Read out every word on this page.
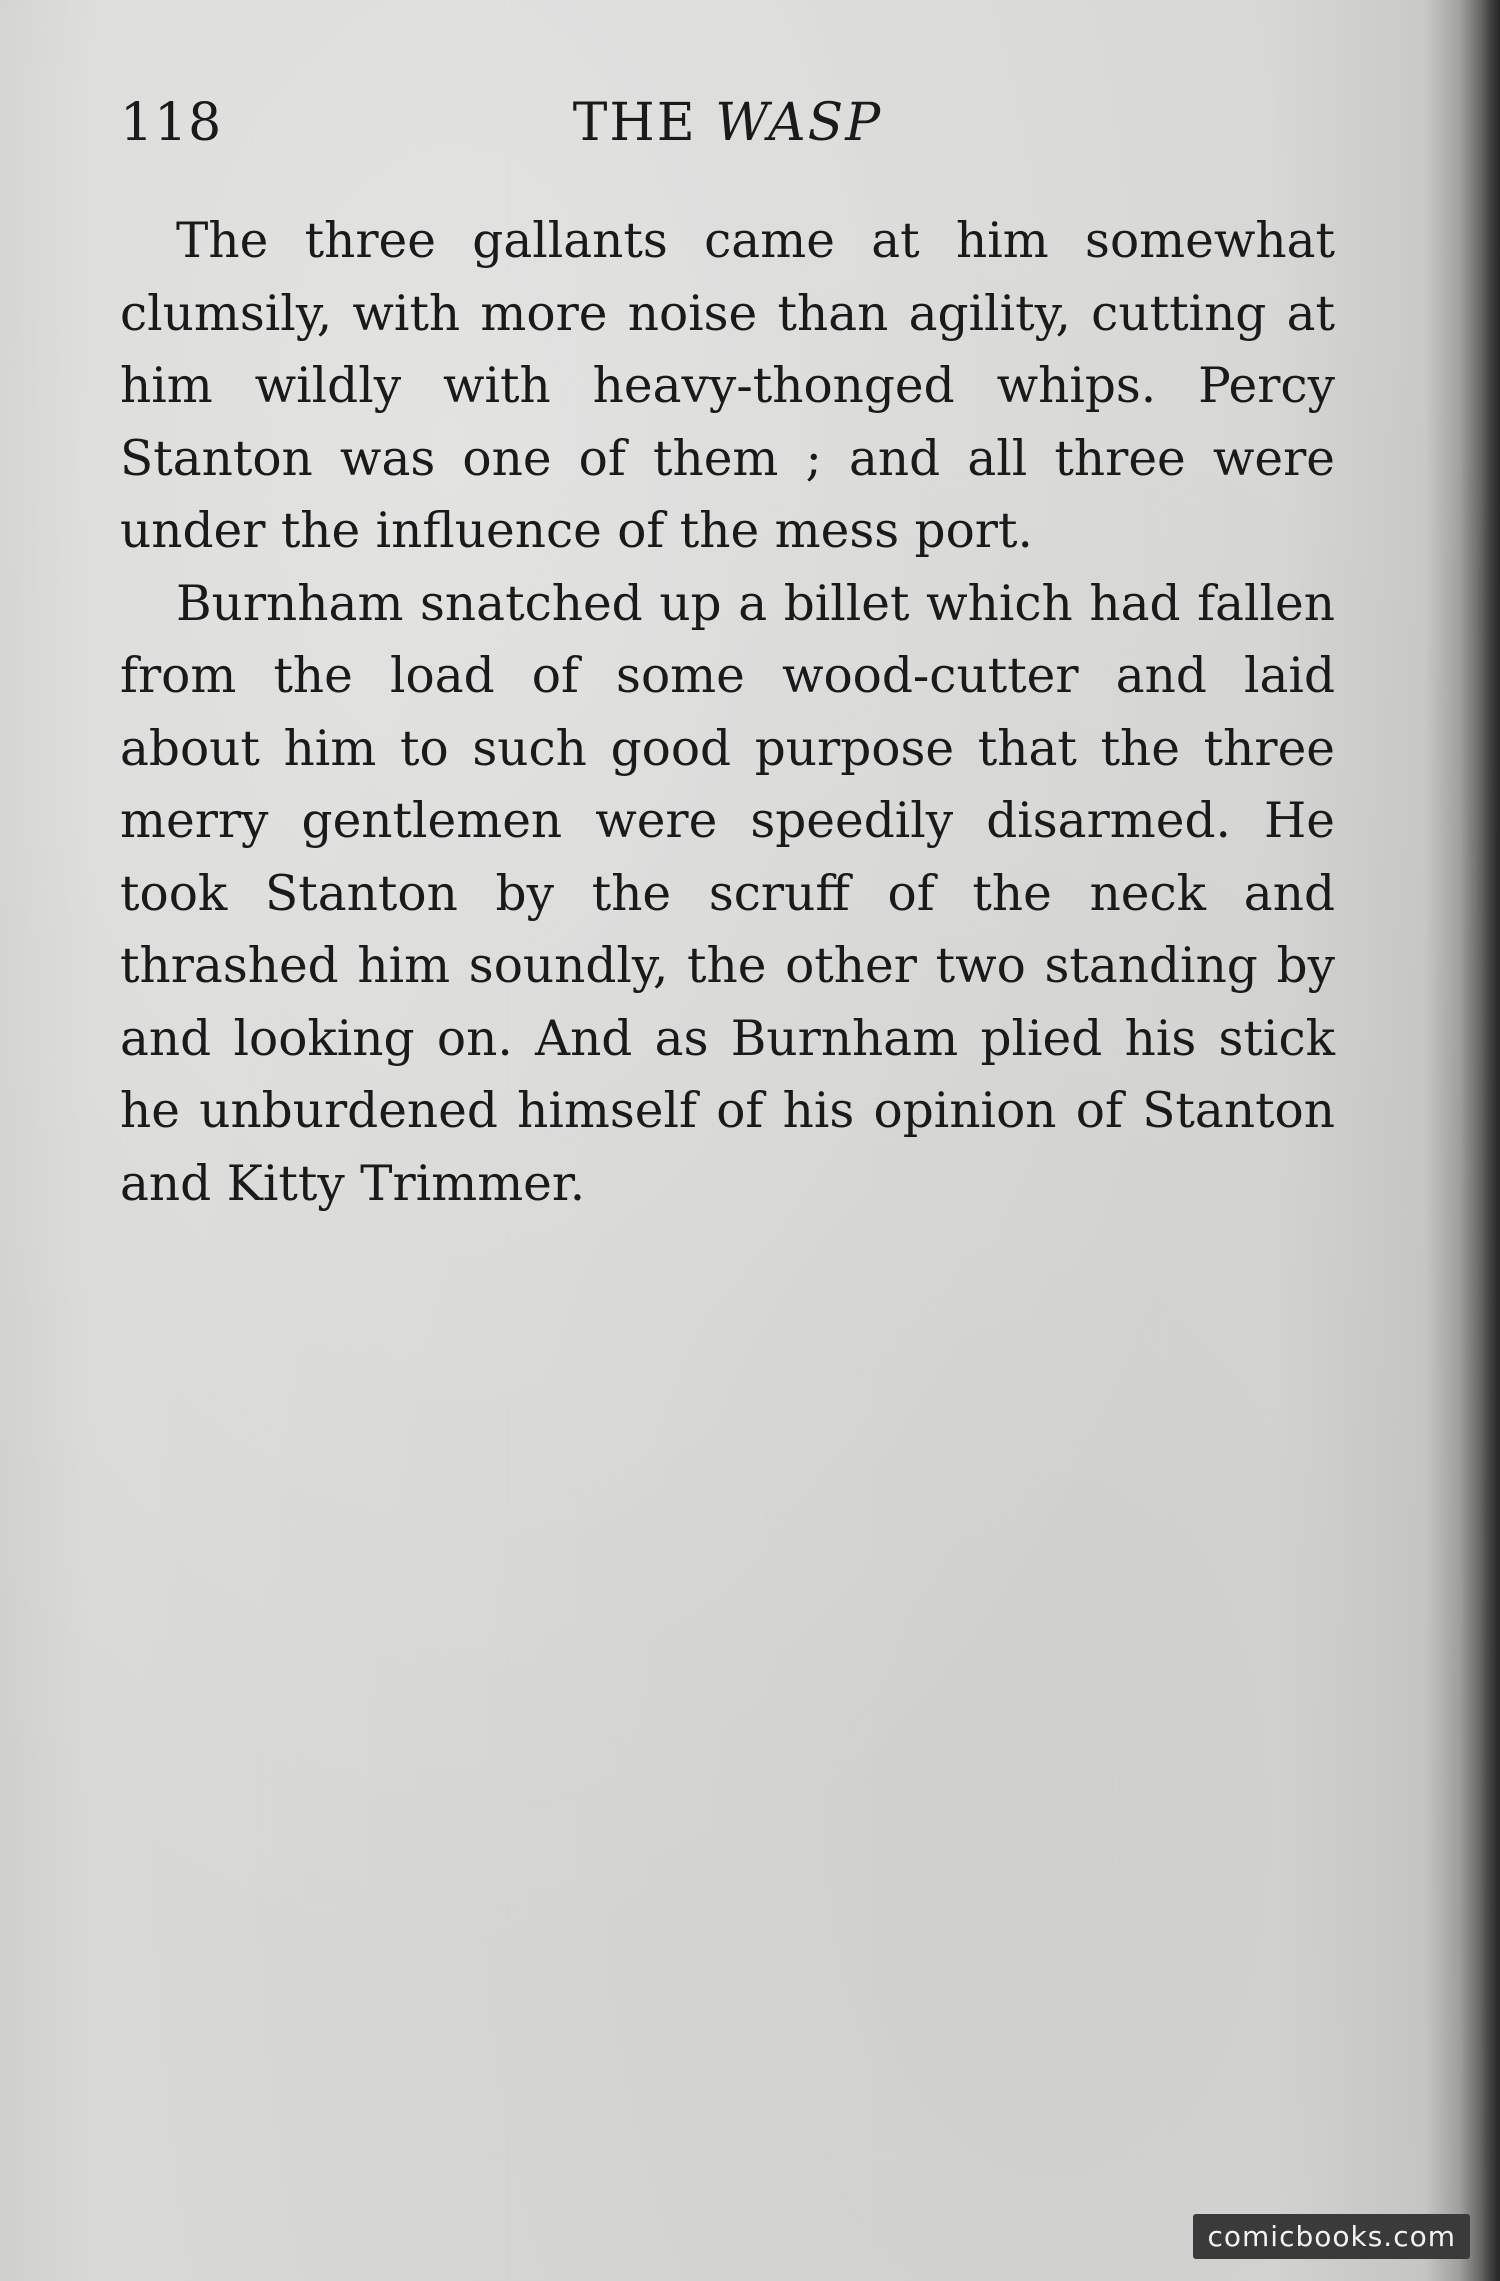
118	THE WASP

The three gallants came at him somewhat clumsily, with more noise than agility, cutting at him wildly with heavy-thonged whips. Percy Stanton was one of them ; and all three were under the influence of the mess port.

Burnham snatched up a billet which had fallen from the load of some wood-cutter and laid about him to such good purpose that the three merry gentlemen were speedily disarmed. He took Stanton by the scruff of the neck and thrashed him soundly, the other two standing by and looking on. And as Burnham plied his stick he unburdened himself of his opinion of Stanton and Kitty Trimmer.

comicbooks.com
